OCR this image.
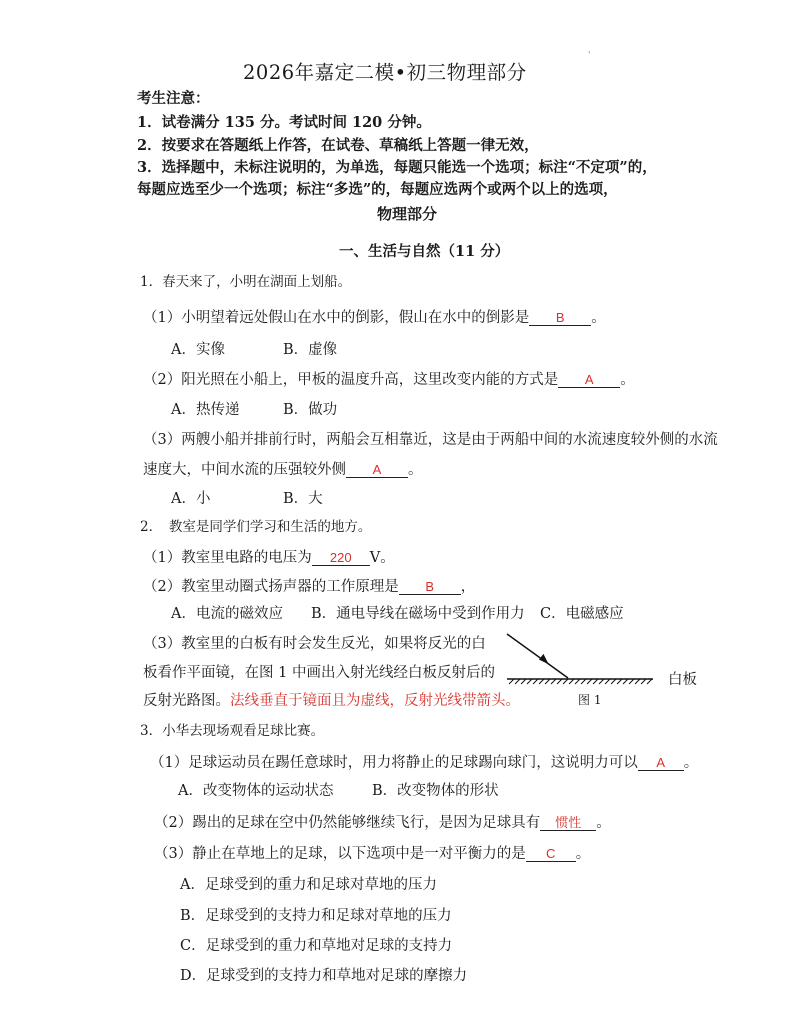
2026年嘉定二模•初三物理部分
'
考生注意：
1．试卷满分 135 分。考试时间 120 分钟。
2．按要求在答题纸上作答，在试卷、草稿纸上答题一律无效，
3．选择题中，未标注说明的，为单选，每题只能选一个选项；标注“不定项”的，
每题应选至少一个选项；标注“多选”的，每题应选两个或两个以上的选项，
物理部分
一、生活与自然（11 分）
1．春天来了，小明在湖面上划船。
（1）小明望着远处假山在水中的倒影，假山在水中的倒影是 B 。
A．实像	B．虚像
（2）阳光照在小船上，甲板的温度升高，这里改变内能的方式是 A 。
A．热传递	B．做功
（3）两艘小船并排前行时，两船会互相靠近，这是由于两船中间的水流速度较外侧的水流
速度大，中间水流的压强较外侧 A 。
A．小	B．大
2．　教室是同学们学习和生活的地方。
（1）教室里电路的电压为 220 V。
（2）教室里动圈式扬声器的工作原理是 B ，
A．电流的磁效应 B．通电导线在磁场中受到作用力 C．电磁感应
（3）教室里的白板有时会发生反光，如果将反光的白
板看作平面镜，在图 1 中画出入射光线经白板反射后的
反射光路图。法线垂直于镜面且为虚线，反射光线带箭头。
白板
图 1
3．小华去现场观看足球比赛。
（1）足球运动员在踢任意球时，用力将静止的足球踢向球门，这说明力可以 A 。
A．改变物体的运动状态	B．改变物体的形状
（2）踢出的足球在空中仍然能够继续飞行，是因为足球具有 惯性 。
（3）静止在草地上的足球，以下选项中是一对平衡力的是 C 。
A．足球受到的重力和足球对草地的压力
B．足球受到的支持力和足球对草地的压力
C．足球受到的重力和草地对足球的支持力
D．足球受到的支持力和草地对足球的摩擦力
